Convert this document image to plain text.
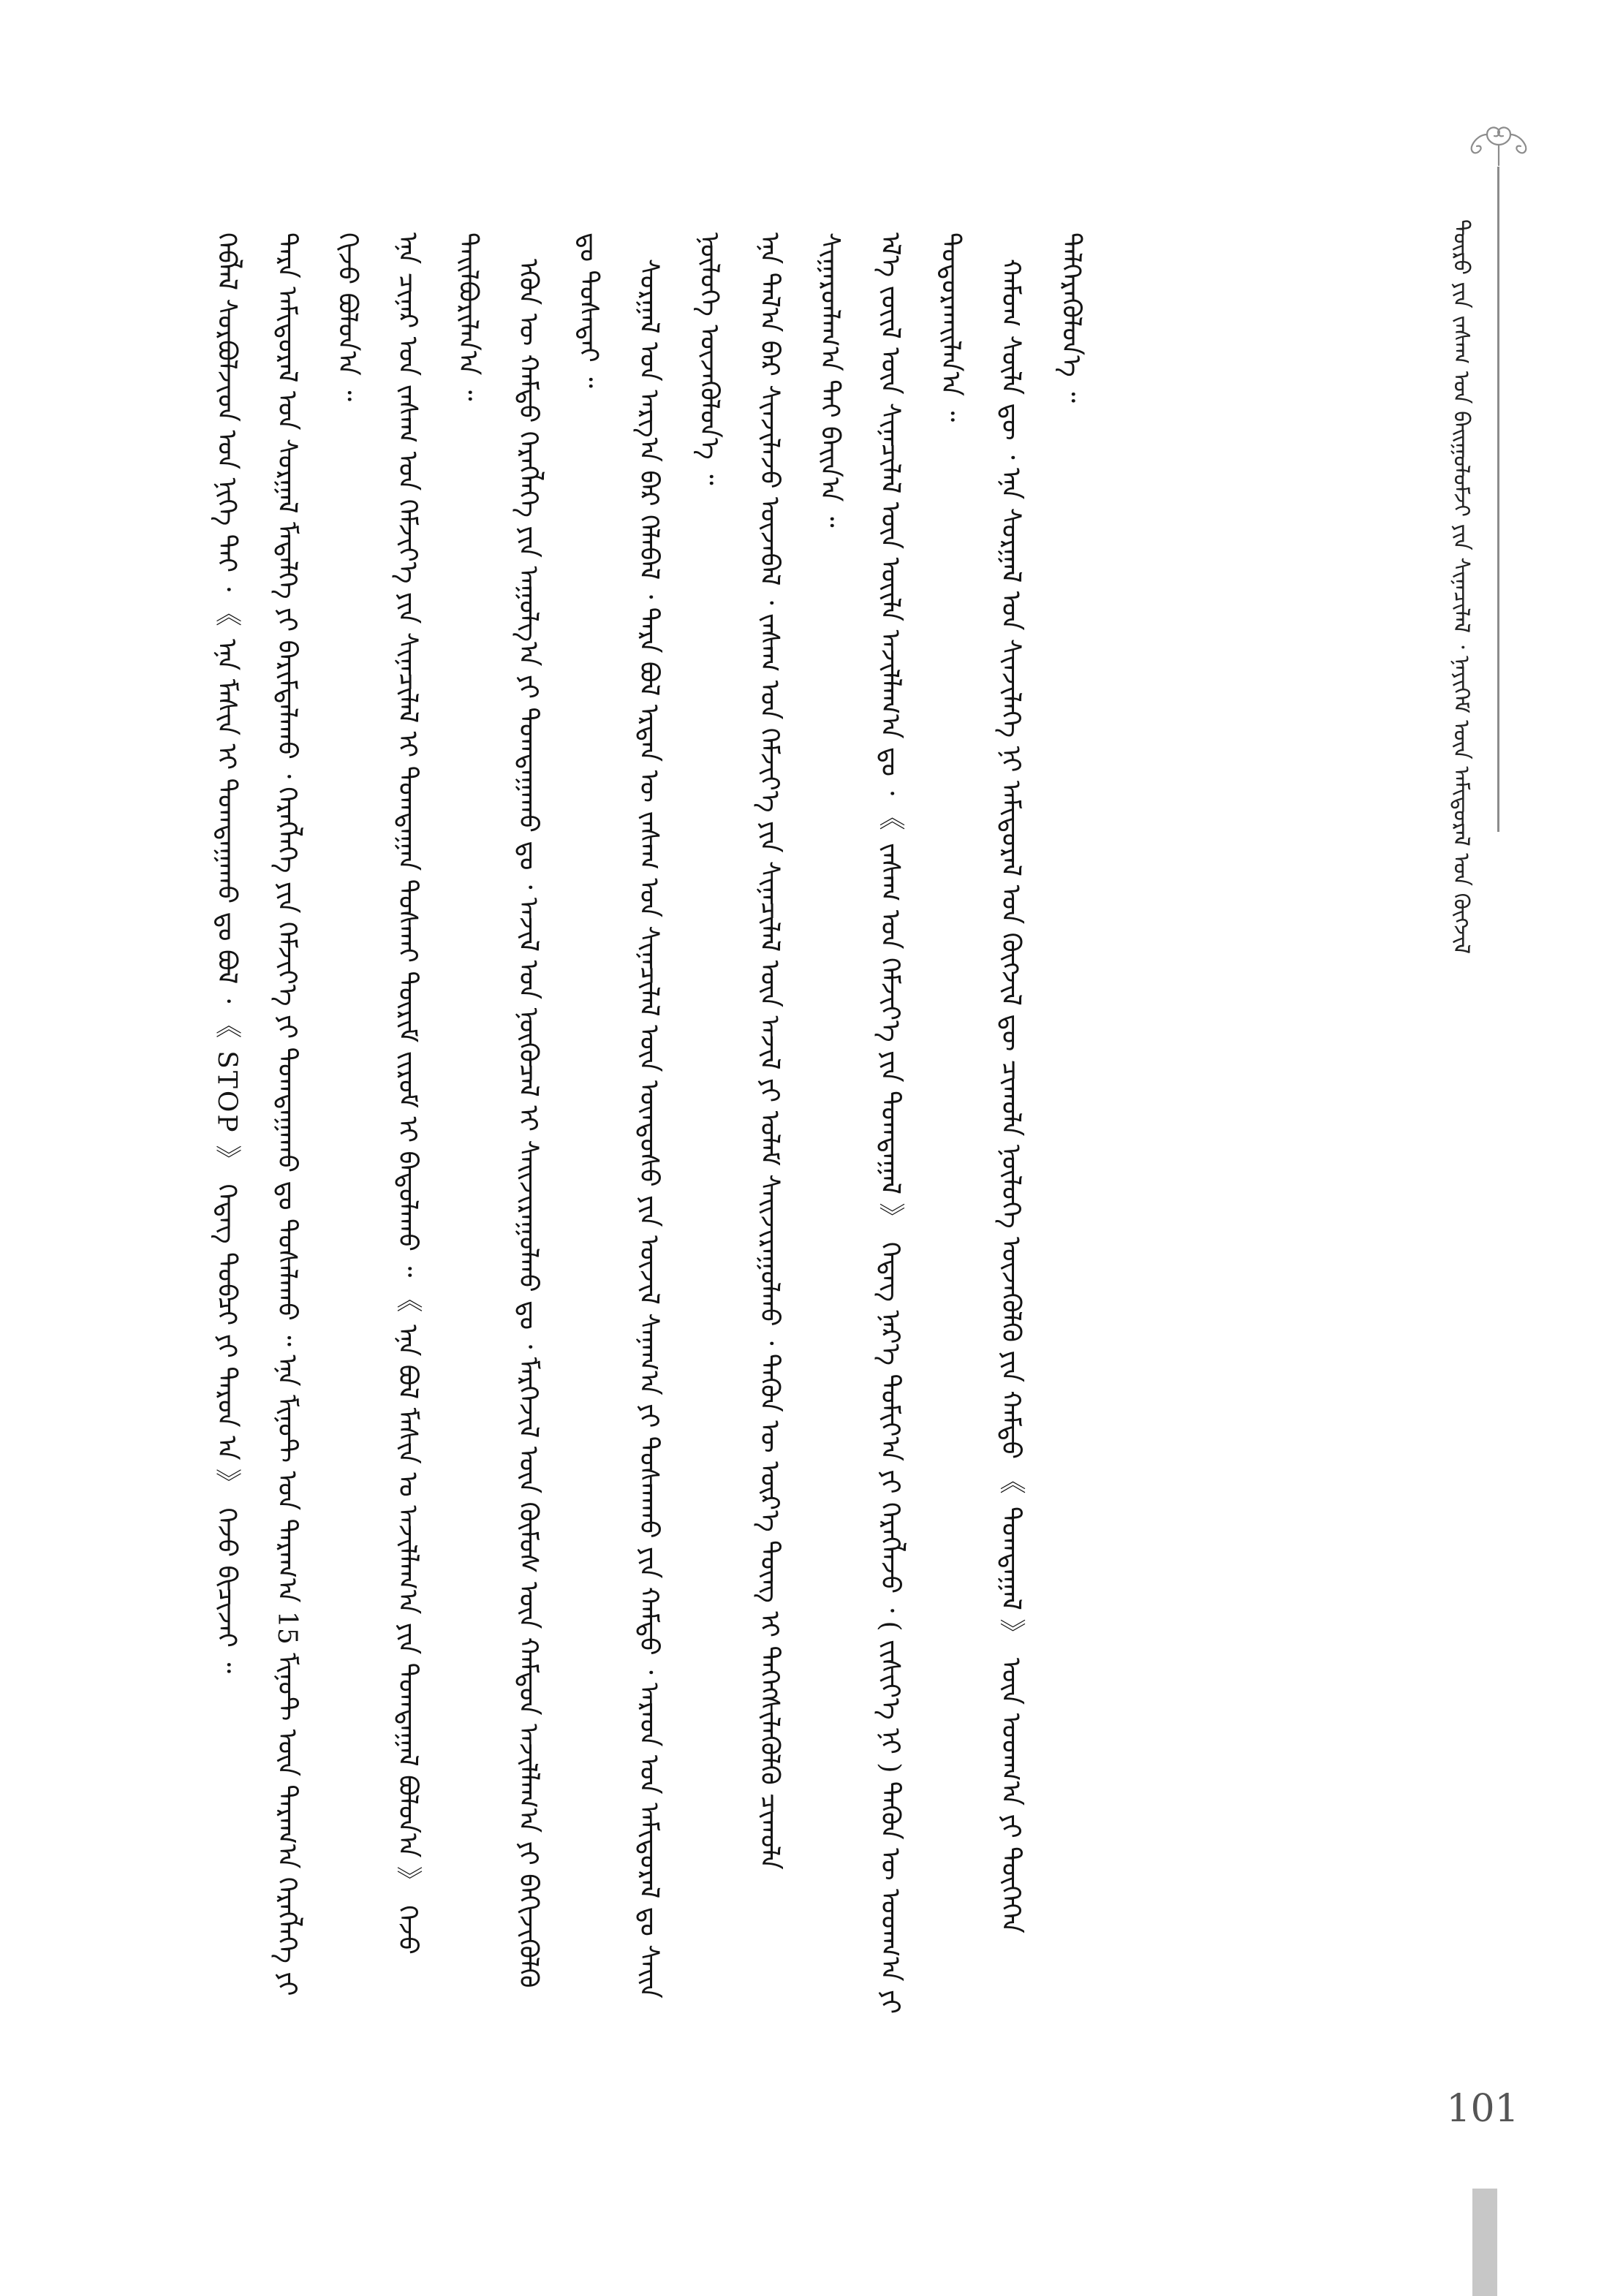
ᠲᠦᠷᠦ ᠶᠢᠨ ᠵᠠᠰᠠᠭ ᠤᠨ ᠪᠠᠢᠭᠤᠯᠤᠮᠵᠢ ᠶᠢᠨ ᠰᠢᠨᠡᠴᠢᠯᠡᠯ ᠂ ᠨᠡᠶᠢᠭᠡᠮ ᠦᠨ ᠠᠮᠢᠳᠤᠷᠠᠯ ᠤᠨ ᠬᠥᠭᠵᠢᠯ

ᠬᠡᠪᠯᠡᠯ ᠰᠤᠷᠪᠤᠯᠵᠢᠳ ᠤᠨ ᠨᠢᠭᠡ ᠲᠡᠢ ᠂ 《 ᠡᠨᠡ ᠮᠠᠰᠢᠨ ᠢ ᠲᠣᠭᠲᠠᠭᠠᠬᠤ ᠳᠤ ᠪᠤᠯ ᠂ 《 STOP 》 ᠭᠡᠳᠡᠭ ᠲᠤᠪᠴᠢ ᠶᠢ ᠳᠠᠷᠤᠨ ᠠ 》 ᠭᠡᠵᠦ ᠪᠢᠴᠢᠵᠡᠢ ᠃	ᠲᠡᠷᠡ ᠠᠮᠢᠳᠤᠷᠠᠯ ᠤᠨ ᠰᠤᠷᠭᠠᠯ ᠮᠡᠳᠡᠯᠭᠡ ᠶᠢ ᠪᠠᠷᠢᠮᠲᠠᠯᠠᠬᠤ ᠂ ᠬᠡᠷᠡᠭᠯᠡᠭᠡ ᠶᠢᠨ ᠬᠡᠮᠵᠢᠶ᠎ᠡ ᠶᠢ ᠲᠣᠭᠲᠠᠭᠠᠬᠤ ᠳᠤ ᠲᠤᠰᠠᠯᠠᠬᠤ ᠃ ᠡᠨᠡ ᠮᠢᠨᠦᠲ ᠤᠨ ᠳᠠᠷᠠᠭ᠎ᠠ 15 ᠮᠢᠨᠦᠲ ᠦᠨ ᠳᠠᠷᠠᠭ᠎ᠠ ᠬᠡᠷᠡᠭᠯᠡᠭᠡ ᠶᠢ ᠬᠢᠵᠦ ᠪᠣᠯᠤᠨ᠎ᠠ ᠃	ᠡᠨᠡ ᠴᠢᠨᠠᠷ ᠤᠨ ᠵᠠᠰᠠᠭ ᠤᠨ ᠬᠡᠮᠵᠢᠶ᠎ᠡ ᠶᠢᠨ ᠰᠢᠨᠡᠴᠢᠯᠡᠯ ᠢ ᠲᠣᠭᠲᠠᠭᠠᠨ ᠲᠤᠰᠬᠠᠢ ᠳᠦᠷᠢᠮ ᠵᠢᠷᠤᠮ ᠢ ᠪᠠᠳᠤᠯᠠᠬᠤ ᠃ 《 ᠡᠨᠡ ᠪᠣᠯ ᠮᠠᠰᠢᠨ ᠤ ᠠᠵᠢᠯᠯᠠᠭ᠎ᠠ ᠶᠢᠨ ᠲᠣᠭᠲᠠᠭᠠᠯ ᠪᠣᠯᠤᠨ᠎ᠠ 》 ᠭᠡᠵᠦ ᠲᠠᠢᠯᠪᠤᠷᠢᠯᠠᠨ᠎ᠠ ᠃	ᠡᠭᠦᠨ ᠦ ᠬᠠᠮᠲᠤ ᠬᠡᠷᠡᠭᠯᠡᠭᠡ ᠶᠢᠨ ᠠᠭᠤᠯᠭ᠎ᠠ ᠶᠢ ᠲᠣᠭᠲᠠᠭᠠᠬᠤ ᠳᠤ ᠂ ᠠᠵᠢᠯ ᠤᠨ ᠨᠥᠬᠦᠴᠡᠯ ᠢ ᠰᠠᠢᠵᠢᠷᠠᠭᠤᠯᠬᠤ ᠳᠤ ᠂ ᠮᠡᠷᠭᠡᠵᠢᠯ ᠦᠨ ᠬᠦᠮᠦᠰ ᠦᠨ ᠬᠠᠮᠲᠤᠨ ᠠᠵᠢᠯᠯᠠᠭ᠎ᠠ ᠶᠢ ᠪᠡᠬᠢᠵᠢᠭᠦᠯᠬᠦ ᠳᠤ ᠲᠤᠰᠠᠲᠠᠢ ᠃	ᠰᠤᠷᠭᠠᠯ ᠤᠨ ᠠᠷᠭ᠎ᠠ ᠪᠠᠷ ᠬᠡᠯᠡᠪᠡᠯ ᠂ ᠲᠡᠷᠡ ᠪᠣᠯ ᠡᠷᠲᠡᠨ ᠦ ᠵᠠᠰᠠᠭ ᠤᠨ ᠰᠢᠨᠡᠴᠢᠯᠡᠯ ᠦᠨ ᠦᠨᠳᠦᠰᠦ ᠶᠢᠨ ᠦᠵᠢᠯ ᠰᠠᠨᠠᠭ᠎ᠠ ᠶᠢ ᠲᠤᠰᠬᠠᠬᠤ ᠶᠢᠨ ᠬᠠᠮᠲᠤ ᠂ ᠠᠷᠠᠳ ᠤᠨ ᠠᠮᠢᠳᠤᠷᠠᠯ ᠳᠤ ᠰᠠᠢᠨ ᠨᠥᠯᠦᠭᠡ ᠦᠵᠡᠭᠦᠯᠦᠨ᠎ᠡ ᠃	ᠡᠨᠡ ᠲᠠᠯ᠎ᠠ ᠪᠠᠷ ᠰᠢᠨᠵᠢᠯᠡᠵᠦ ᠦᠵᠡᠪᠡᠯ ᠂ ᠵᠠᠰᠠᠭ ᠤᠨ ᠬᠡᠮᠵᠢᠶ᠎ᠡ ᠶᠢᠨ ᠰᠢᠨᠡᠴᠢᠯᠡᠯ ᠦᠨ ᠠᠵᠢᠯ ᠶᠢ ᠤᠯᠠᠮ ᠰᠠᠢᠵᠢᠷᠠᠭᠤᠯᠬᠤ ᠂ ᠲᠡᠭᠦᠨ ᠦ ᠦᠷ᠎ᠡ ᠳᠦᠩ ᠢ ᠳᠡᠭᠡᠭᠰᠢᠯᠡᠭᠦᠯᠬᠦ ᠴᠢᠬᠤᠯᠠ ᠰᠢᠭᠠᠷᠳᠯᠠᠭ᠎ᠠ ᠲᠠᠢ ᠪᠠᠢᠨ᠎ᠠ ᠃	ᠡᠯ᠎ᠡ ᠵᠦᠢᠯ ᠦᠨ ᠰᠢᠨᠡᠴᠢᠯᠡᠯ ᠦᠨ ᠦᠢᠯᠡ ᠠᠵᠢᠯᠯᠠᠭ᠎ᠠ ᠳᠤ ᠂ 《 ᠵᠠᠰᠠᠭ ᠤᠨ ᠬᠡᠮᠵᠢᠶ᠎ᠡ ᠶᠢᠨ ᠲᠣᠭᠲᠠᠭᠠᠯ 》 ᠭᠡᠳᠡᠭ ᠨᠡᠷ᠎ᠡ ᠲᠣᠮᠢᠶ᠎ᠠ ᠶᠢ ᠬᠡᠷᠡᠭᠯᠡᠵᠦ ᠂ ( ᠵᠢᠱᠢᠶ᠎ᠡ ᠨᠢ ) ᠲᠡᠭᠦᠨ ᠦ ᠤᠳᠬ᠎ᠠ ᠶᠢ ᠲᠣᠳᠣᠷᠬᠠᠢᠯᠠᠨ᠎ᠠ ᠃	ᠬᠠᠮᠤᠭ ᠰᠦᠯᠡ ᠳᠦ ᠂ ᠡᠨᠡ ᠰᠤᠷᠭᠠᠯ ᠤᠨ ᠰᠢᠨᠵᠢᠯᠡᠭᠡ ᠨᠢ ᠠᠮᠢᠳᠤᠷᠠᠯ ᠤᠨ ᠬᠥᠭᠵᠢᠯ ᠳᠦ ᠴᠢᠬᠤᠯᠠ ᠨᠥᠯᠦᠭᠡ ᠦᠵᠡᠭᠦᠯᠬᠦ ᠶᠢᠨ ᠬᠠᠮᠲᠤ 《 ᠲᠣᠭᠲᠠᠭᠠᠯ 》 ᠦᠨ ᠤᠳᠬ᠎ᠠ ᠶᠢ ᠲᠥᠭᠡᠭᠡᠨ ᠳᠡᠯᠭᠡᠷᠡᠭᠦᠯᠦᠨ᠎ᠡ ᠃

101
